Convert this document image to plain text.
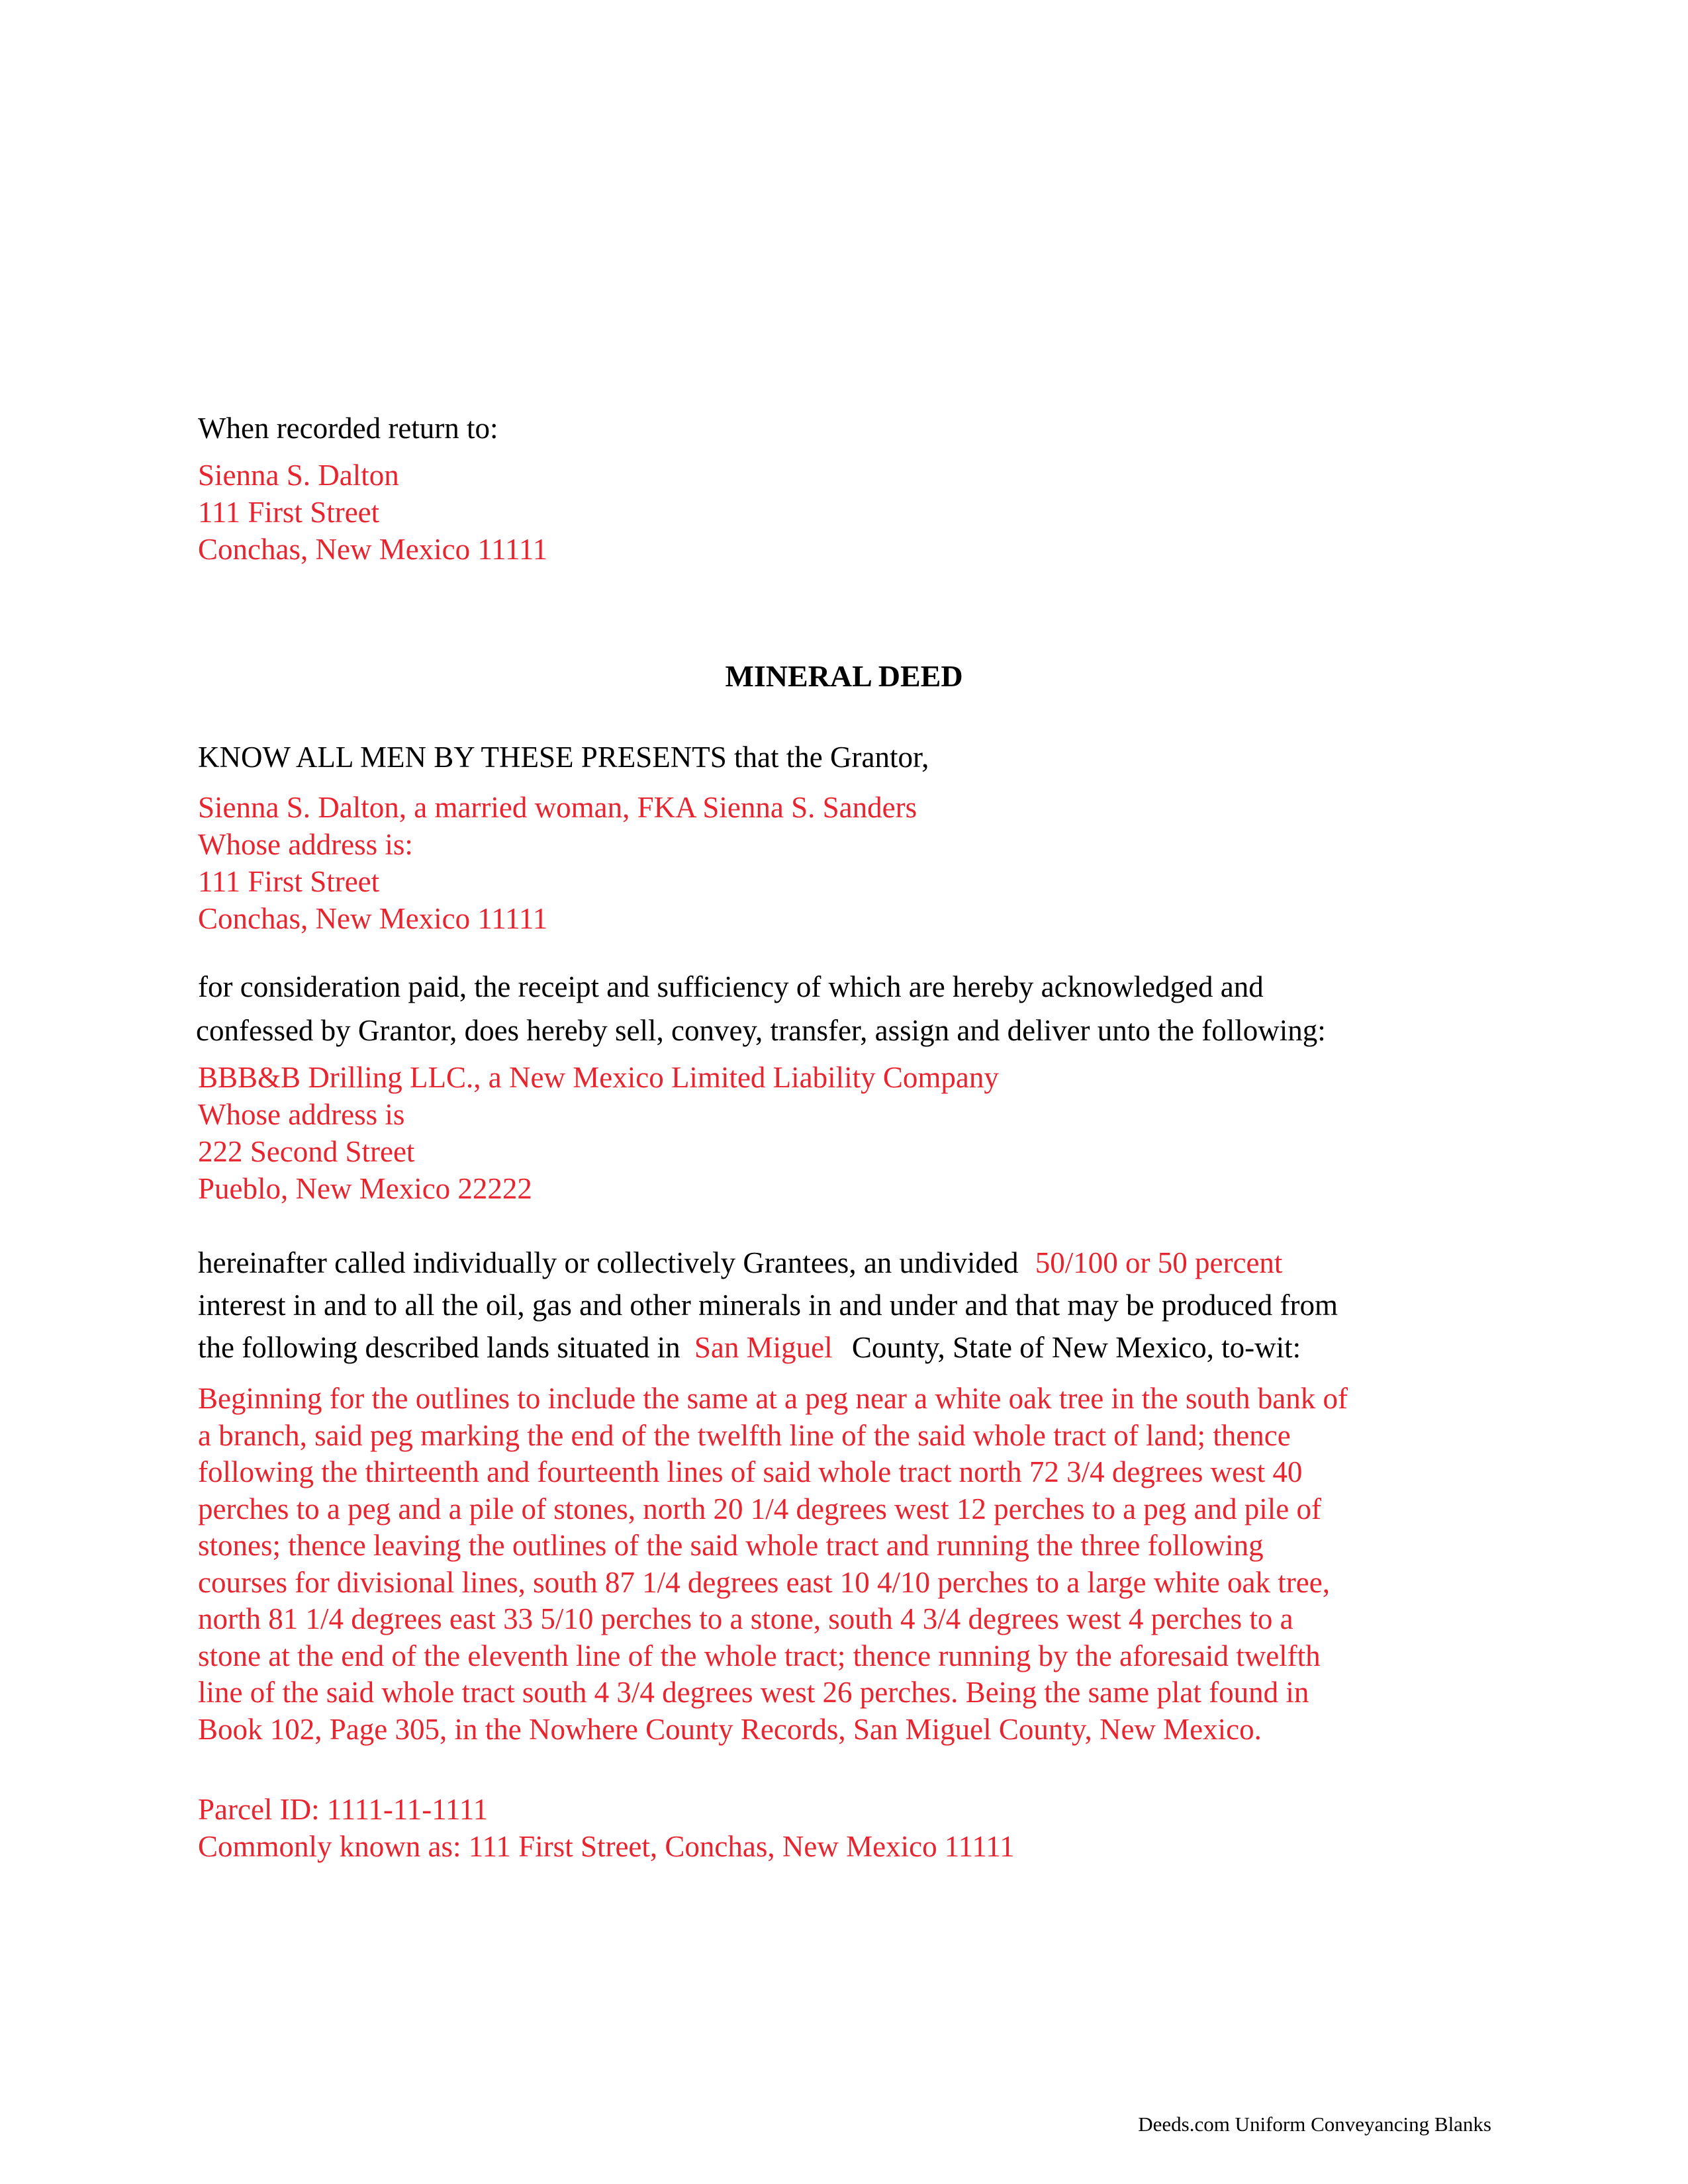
When recorded return to:
Sienna S. Dalton
111 First Street
Conchas, New Mexico 11111
MINERAL DEED
KNOW ALL MEN BY THESE PRESENTS that the Grantor,
Sienna S. Dalton, a married woman, FKA Sienna S. Sanders
Whose address is:
111 First Street
Conchas, New Mexico 11111
for consideration paid, the receipt and sufficiency of which are hereby acknowledged and
confessed by Grantor, does hereby sell, convey, transfer, assign and deliver unto the following:
BBB&B Drilling LLC., a New Mexico Limited Liability Company
Whose address is
222 Second Street
Pueblo, New Mexico 22222
hereinafter called individually or collectively Grantees, an undivided 50/100 or 50 percent
interest in and to all the oil, gas and other minerals in and under and that may be produced from
the following described lands situated in San Miguel County, State of New Mexico, to-wit:
Beginning for the outlines to include the same at a peg near a white oak tree in the south bank of
a branch, said peg marking the end of the twelfth line of the said whole tract of land; thence
following the thirteenth and fourteenth lines of said whole tract north 72 3/4 degrees west 40
perches to a peg and a pile of stones, north 20 1/4 degrees west 12 perches to a peg and pile of
stones; thence leaving the outlines of the said whole tract and running the three following
courses for divisional lines, south 87 1/4 degrees east 10 4/10 perches to a large white oak tree,
north 81 1/4 degrees east 33 5/10 perches to a stone, south 4 3/4 degrees west 4 perches to a
stone at the end of the eleventh line of the whole tract; thence running by the aforesaid twelfth
line of the said whole tract south 4 3/4 degrees west 26 perches. Being the same plat found in
Book 102, Page 305, in the Nowhere County Records, San Miguel County, New Mexico.
Parcel ID: 1111-11-1111
Commonly known as: 111 First Street, Conchas, New Mexico 11111
Deeds.com Uniform Conveyancing Blanks
